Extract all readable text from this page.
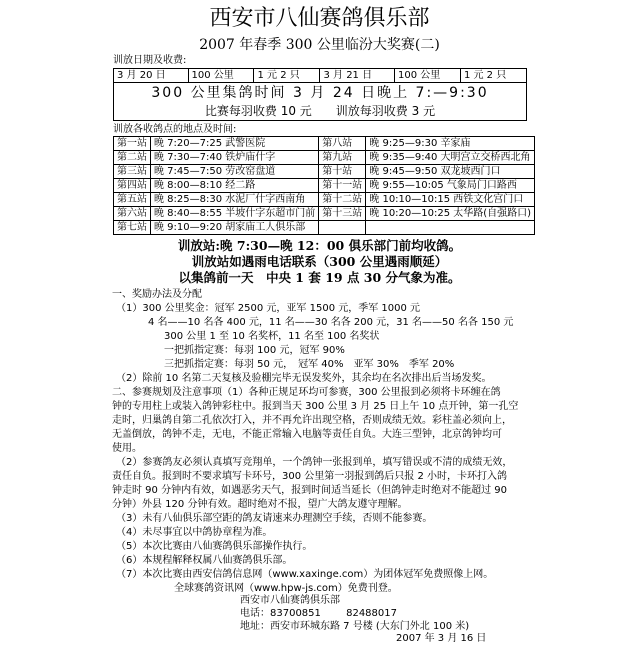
西安市八仙赛鸽俱乐部
2007 年春季 300 公里临汾大奖赛(二)
训放日期及收费:
3 月 20 日	100 公里	1 元 2 只	3 月 21 日	100 公里	1 元 2 只
300 公里集鸽时间 3 月 24 日晚上 7:—9:30
比赛每羽收费 10 元　　训放每羽收费 3 元
训放各收鸽点的地点及时间:
第一站	晚 7:20—7:25 武警医院	第八站	晚 9:25—9:30 辛家庙
第二站	晚 7:30—7:40 铁炉庙什字	第九站	晚 9:35—9:40 大明宫立交桥西北角
第三站	晚 7:45—7:50 劳改窑盘道	第十站	晚 9:45—9:50 双龙坡西门口
第四站	晚 8:00—8:10 经二路	第十一站	晚 9:55—10:05 气象局门口路西
第五站	晚 8:25—8:30 水泥厂什字西南角	第十二站	晚 10:10—10:15 西铁文化宫门口
第六站	晚 8:40—8:55 半坡什字东超市门前	第十三站	晚 10:20—10:25 太华路(自强路口)
第七站	晚 9:10—9:20 胡家庙工人俱乐部		
训放站:晚 7:30—晚 12：00 俱乐部门前均收鸽。
训放站如遇雨电话联系（300 公里遇雨顺延）
以集鸽前一天　中央 1 套 19 点 30 分气象为准。
一、奖励办法及分配
（1）300 公里奖金：冠军 2500 元，亚军 1500 元，季军 1000 元
4 名——10 名各 400 元，11 名——30 名各 200 元，31 名——50 名各 150 元
300 公里 1 至 10 名奖杯，11 名至 100 名奖状
一把抓指定赛：每羽 100 元，冠军 90%
三把抓指定赛：每羽 50 元，　冠军 40%　亚军 30%　季军 20%
（2）除前 10 名第二天复核及验棚完毕无误发奖外，其余均在名次排出后当场发奖。
二、参赛规划及注意事项（1）各种正规足环均可参赛，300 公里报到必须将卡环缠在鸽
钟的专用柱上或装入鸽钟彩柱中。报到当天 300 公里 3 月 25 日上午 10 点开钟，第一孔空
走时，归巢鸽自第二孔依次打入，并不再允许出现空格，否则成绩无效。彩柱盖必须向上，
无盖倒放，鸽钟不走，无电，不能正常输入电脑等责任自负。大连三型钟，北京鸽钟均可
使用。
（2）参赛鸽友必须认真填写竞翔单，一个鸽钟一张报到单，填写错误或不清的成绩无效，
责任自负。报到时不要求填写卡环号，300 公里第一羽报到鸽后只报 2 小时，卡环打入鸽
钟走时 90 分钟内有效，如遇恶劣天气，报到时间适当延长（但鸽钟走时绝对不能超过 90
分钟）外县 120 分钟有效。超时绝对不报，望广大鸽友遵守理解。
（3）未有八仙俱乐部空距的鸽友请速来办理测空手续，否则不能参赛。
（4）未尽事宜以中鸽协章程为准。
（5）本次比赛由八仙赛鸽俱乐部操作执行。
（6）本规程解释权属八仙赛鸽俱乐部。
（7）本次比赛由西安信鸽信息网（www.xaxinge.com）为团体冠军免费照像上网。
全球赛鸽资讯网（www.hpw-js.com）免费刊登。
西安市八仙赛鸽俱乐部
电话：83700851	82488017
地址：西安市环城东路 7 号楼 (大东门外北 100 米)
2007 年 3 月 16 日
